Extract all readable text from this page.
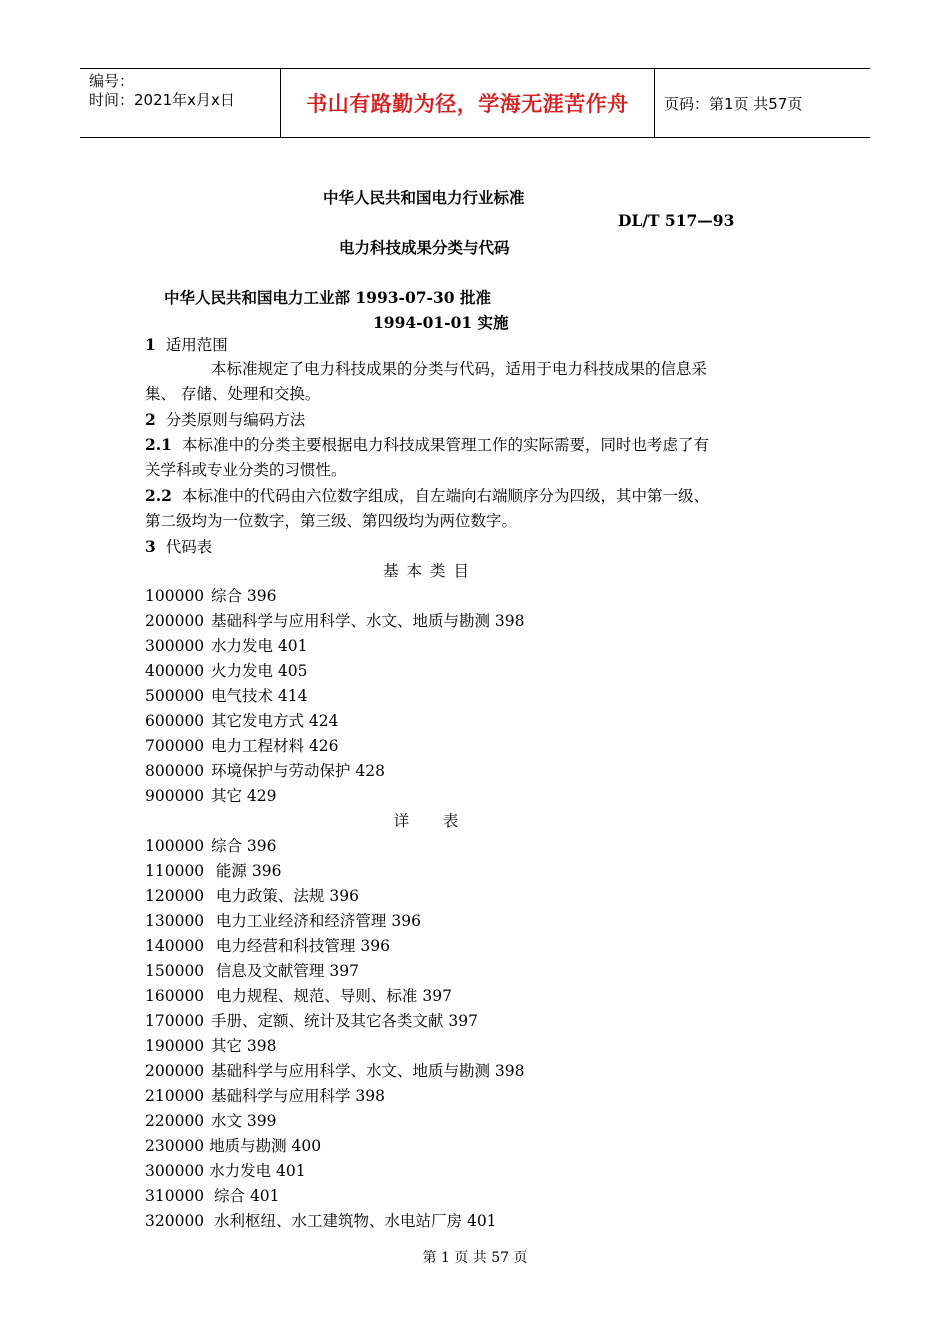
编号：
时间：2021年x月x日	书山有路勤为径，学海无涯苦作舟	页码：第1页 共57页
中华人民共和国电力行业标准
DL/T 517—93
电力科技成果分类与代码
中华人民共和国电力工业部 1993-07-30 批准
1994-01-01 实施
1 适用范围
本标准规定了电力科技成果的分类与代码，适用于电力科技成果的信息采集、 存储、处理和交换。
2 分类原则与编码方法
2.1 本标准中的分类主要根据电力科技成果管理工作的实际需要，同时也考虑了有 关学科或专业分类的习惯性。
2.2 本标准中的代码由六位数字组成，自左端向右端顺序分为四级，其中第一级、 第二级均为一位数字，第三级、第四级均为两位数字。
3 代码表
基本类目
100000 综合 396
200000 基础科学与应用科学、水文、地质与勘测 398
300000 水力发电 401
400000 火力发电 405
500000 电气技术 414
600000 其它发电方式 424
700000 电力工程材料 426
800000 环境保护与劳动保护 428
900000 其它 429
详  表
100000 综合 396
110000 能源 396
120000 电力政策、法规 396
130000 电力工业经济和经济管理 396
140000 电力经营和科技管理 396
150000 信息及文献管理 397
160000 电力规程、规范、导则、标准 397
170000 手册、定额、统计及其它各类文献 397
190000 其它 398
200000 基础科学与应用科学、水文、地质与勘测 398
210000 基础科学与应用科学 398
220000 水文 399
230000 地质与勘测 400
300000 水力发电 401
310000  综合 401
320000  水利枢纽、水工建筑物、水电站厂房 401
第 1 页 共 57 页
